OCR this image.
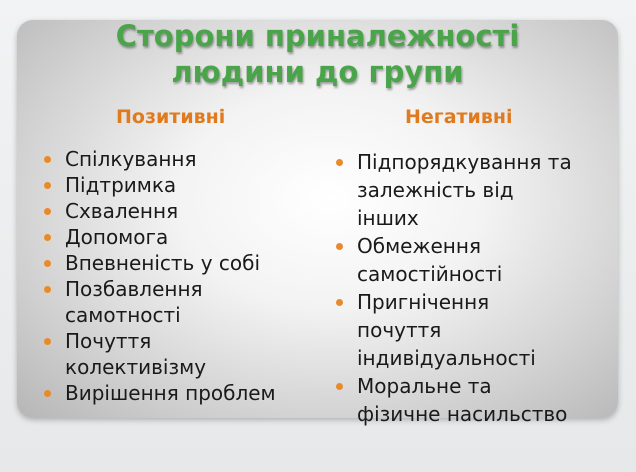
Сторони приналежності
людини до групи
Позитивні	Негативні
Спілкування
Підтримка
Схвалення
Допомога
Впевненість у собі
Позбавлення
самотності
Почуття
колективізму
Вирішення проблем
Підпорядкування та
залежність від
інших
Обмеження
самостійності
Пригнічення
почуття
індивідуальності
Моральне та
фізичне насильство
